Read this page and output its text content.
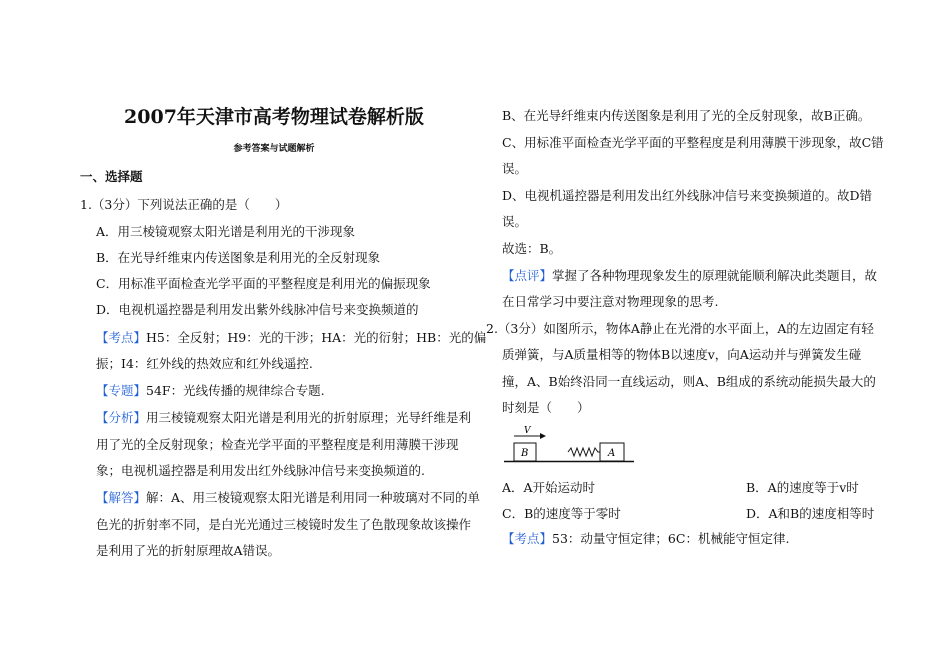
2007年天津市高考物理试卷解析版
参考答案与试题解析
一、选择题
1.（3分）下列说法正确的是（　　）
A．用三棱镜观察太阳光谱是利用光的干涉现象
B．在光导纤维束内传送图象是利用光的全反射现象
C．用标准平面检查光学平面的平整程度是利用光的偏振现象
D．电视机遥控器是利用发出紫外线脉冲信号来变换频道的
【考点】H5：全反射；H9：光的干涉；HA：光的衍射；HB：光的偏
振；I4：红外线的热效应和红外线遥控.
【专题】54F：光线传播的规律综合专题.
【分析】用三棱镜观察太阳光谱是利用光的折射原理；光导纤维是利
用了光的全反射现象；检查光学平面的平整程度是利用薄膜干涉现
象；电视机遥控器是利用发出红外线脉冲信号来变换频道的.
【解答】解：A、用三棱镜观察太阳光谱是利用同一种玻璃对不同的单
色光的折射率不同，是白光光通过三棱镜时发生了色散现象故该操作
是利用了光的折射原理故A错误。
B、在光导纤维束内传送图象是利用了光的全反射现象，故B正确。
C、用标准平面检查光学平面的平整程度是利用薄膜干涉现象，故C错
误。
D、电视机遥控器是利用发出红外线脉冲信号来变换频道的。故D错
误。
故选：B。
【点评】掌握了各种物理现象发生的原理就能顺利解决此类题目，故
在日常学习中要注意对物理现象的思考.
2.（3分）如图所示，物体A静止在光滑的水平面上，A的左边固定有轻
质弹簧，与A质量相等的物体B以速度v，向A运动并与弹簧发生碰
撞，A、B始终沿同一直线运动，则A、B组成的系统动能损失最大的
时刻是（　　）
V
B	A
A．A开始运动时	B．A的速度等于v时
C．B的速度等于零时	D．A和B的速度相等时
【考点】53：动量守恒定律；6C：机械能守恒定律.
